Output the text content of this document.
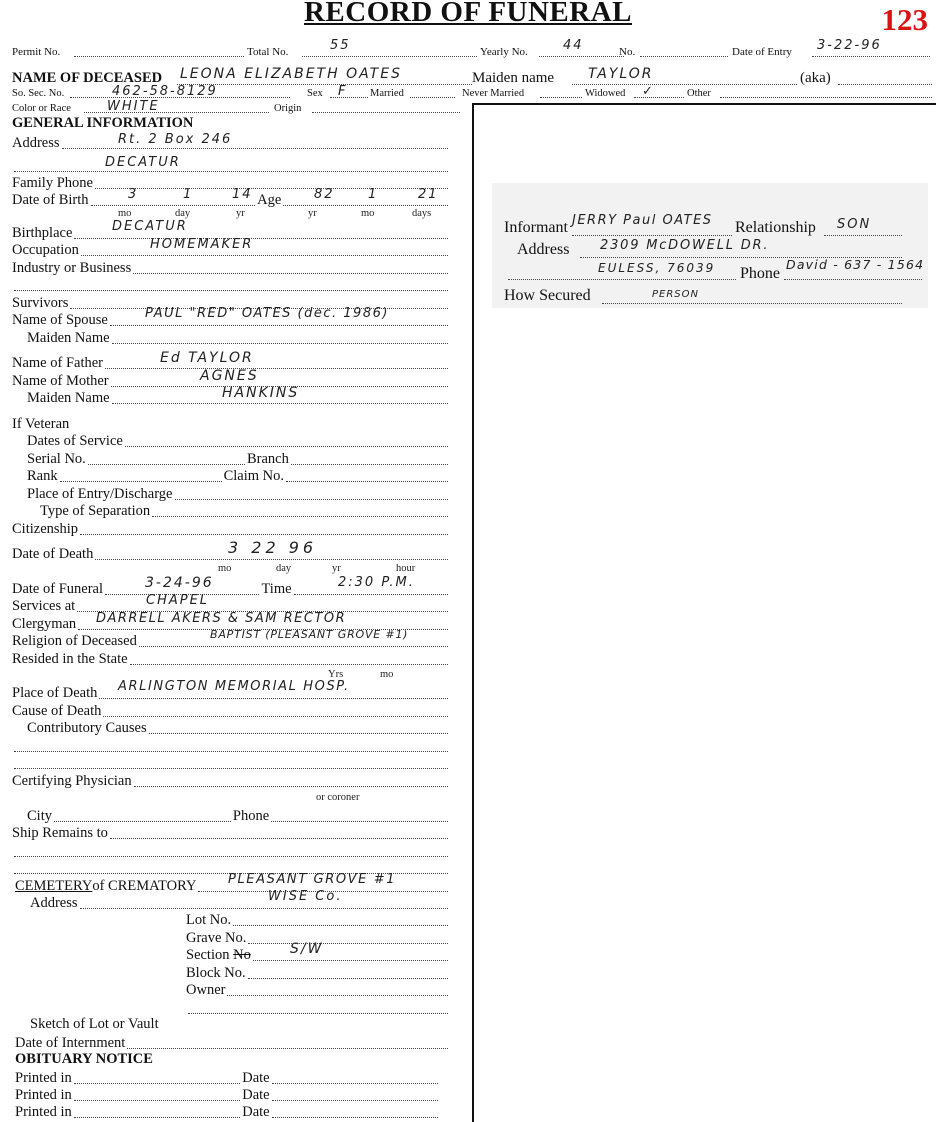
RECORD OF FUNERAL	123
Permit No.	Total No.	55	Yearly No.	44	No.	Date of Entry 3-22-96
NAME OF DECEASED LEONA ELIZABETH OATES	Maiden name TAYLOR	(aka)
So. Sec. No.	462-58-8129	Sex F Married	Never Married	Widowed ✓	Other
Color or Race	WHITE	Origin
GENERAL INFORMATION
Address	Rt. 2 Box 246
DECATUR
Family Phone
Date of Birth	Age
3	1	14	82	1	21
mo	day	yr	yr	mo	days
Birthplace	DECATUR
Occupation	HOMEMAKER
Industry or Business
Survivors
Name of Spouse	PAUL "RED" OATES (dec. 1986)
Maiden Name
Name of Father	Ed TAYLOR
Name of Mother	AGNES
Maiden Name	HANKINS
If Veteran
Dates of Service
Serial No.	Branch
Rank	Claim No.
Place of Entry/Discharge
Type of Separation
Citizenship
Date of Death	3 22 96
mo	day	yr	hour
Date of Funeral	Time
3-24-96	2:30 P.M.
Services at	CHAPEL
Clergyman DARRELL AKERS & SAM RECTOR
Religion of Deceased	BAPTIST (PLEASANT GROVE #1)
Resided in the State
Yrs	mo
Place of Death ARLINGTON MEMORIAL HOSP.
Cause of Death
Contributory Causes
Certifying Physician
or coroner
City	Phone
Ship Remains to
CEMETERY of CREMATORY PLEASANT GROVE #1
Address	WISE Co.
Lot No.
Grave No.
Section
No	S/W
Block No.
Owner
Sketch of Lot or Vault
Date of Internment
OBITUARY NOTICE
Printed in	Date
Printed in	Date
Printed in	Date
Informant JERRY Paul OATES Relationship SON
Address 2309 McDOWELL DR.
EULESS, 76039 Phone
David - 637 - 1564
How Secured	PERSON
